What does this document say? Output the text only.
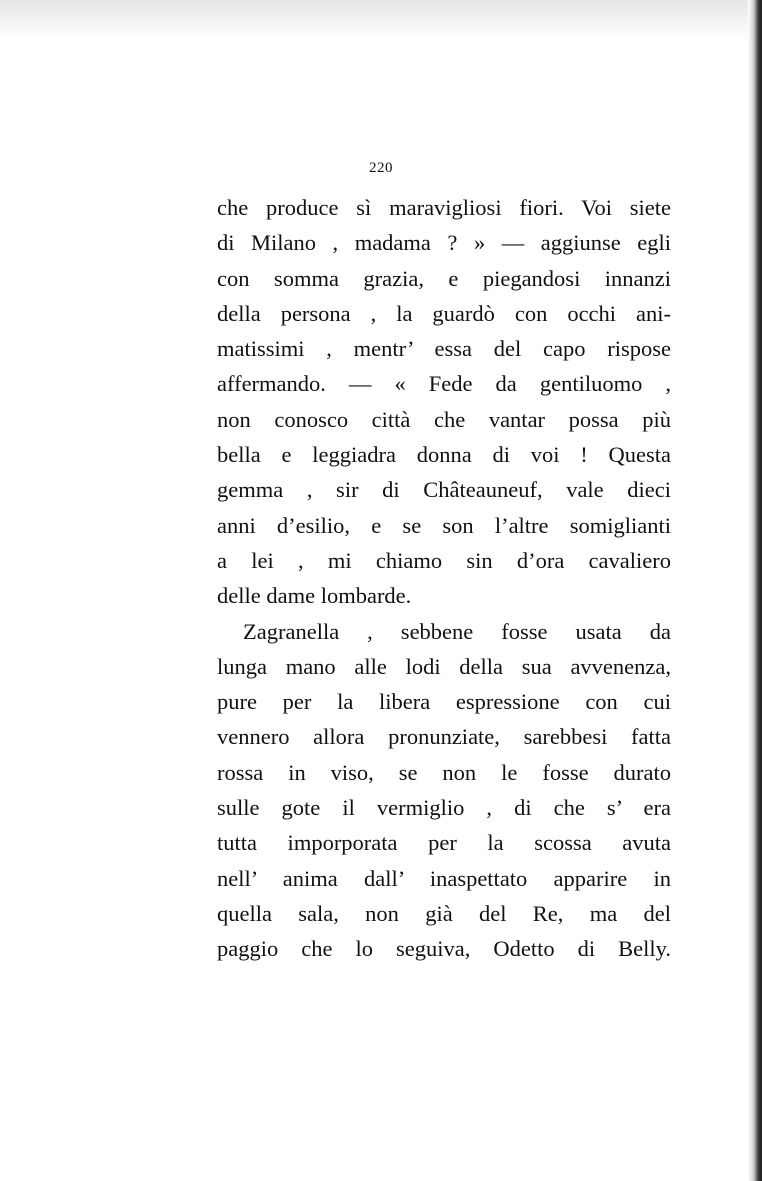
220
che produce sì maravigliosi fiori. Voi siete
di Milano , madama ? » — aggiunse egli
con somma grazia, e piegandosi innanzi
della persona , la guardò con occhi ani-
matissimi , mentr’ essa del capo rispose
affermando. — « Fede da gentiluomo ,
non conosco città che vantar possa più
bella e leggiadra donna di voi ! Questa
gemma , sir di Châteauneuf, vale dieci
anni d’esilio, e se son l’altre somiglianti
a lei , mi chiamo sin d’ora cavaliero
delle dame lombarde.
Zagranella , sebbene fosse usata da
lunga mano alle lodi della sua avvenenza,
pure per la libera espressione con cui
vennero allora pronunziate, sarebbesi fatta
rossa in viso, se non le fosse durato
sulle gote il vermiglio , di che s’ era
tutta imporporata per la scossa avuta
nell’ anima dall’ inaspettato apparire in
quella sala, non già del Re, ma del
paggio che lo seguiva, Odetto di Belly.
